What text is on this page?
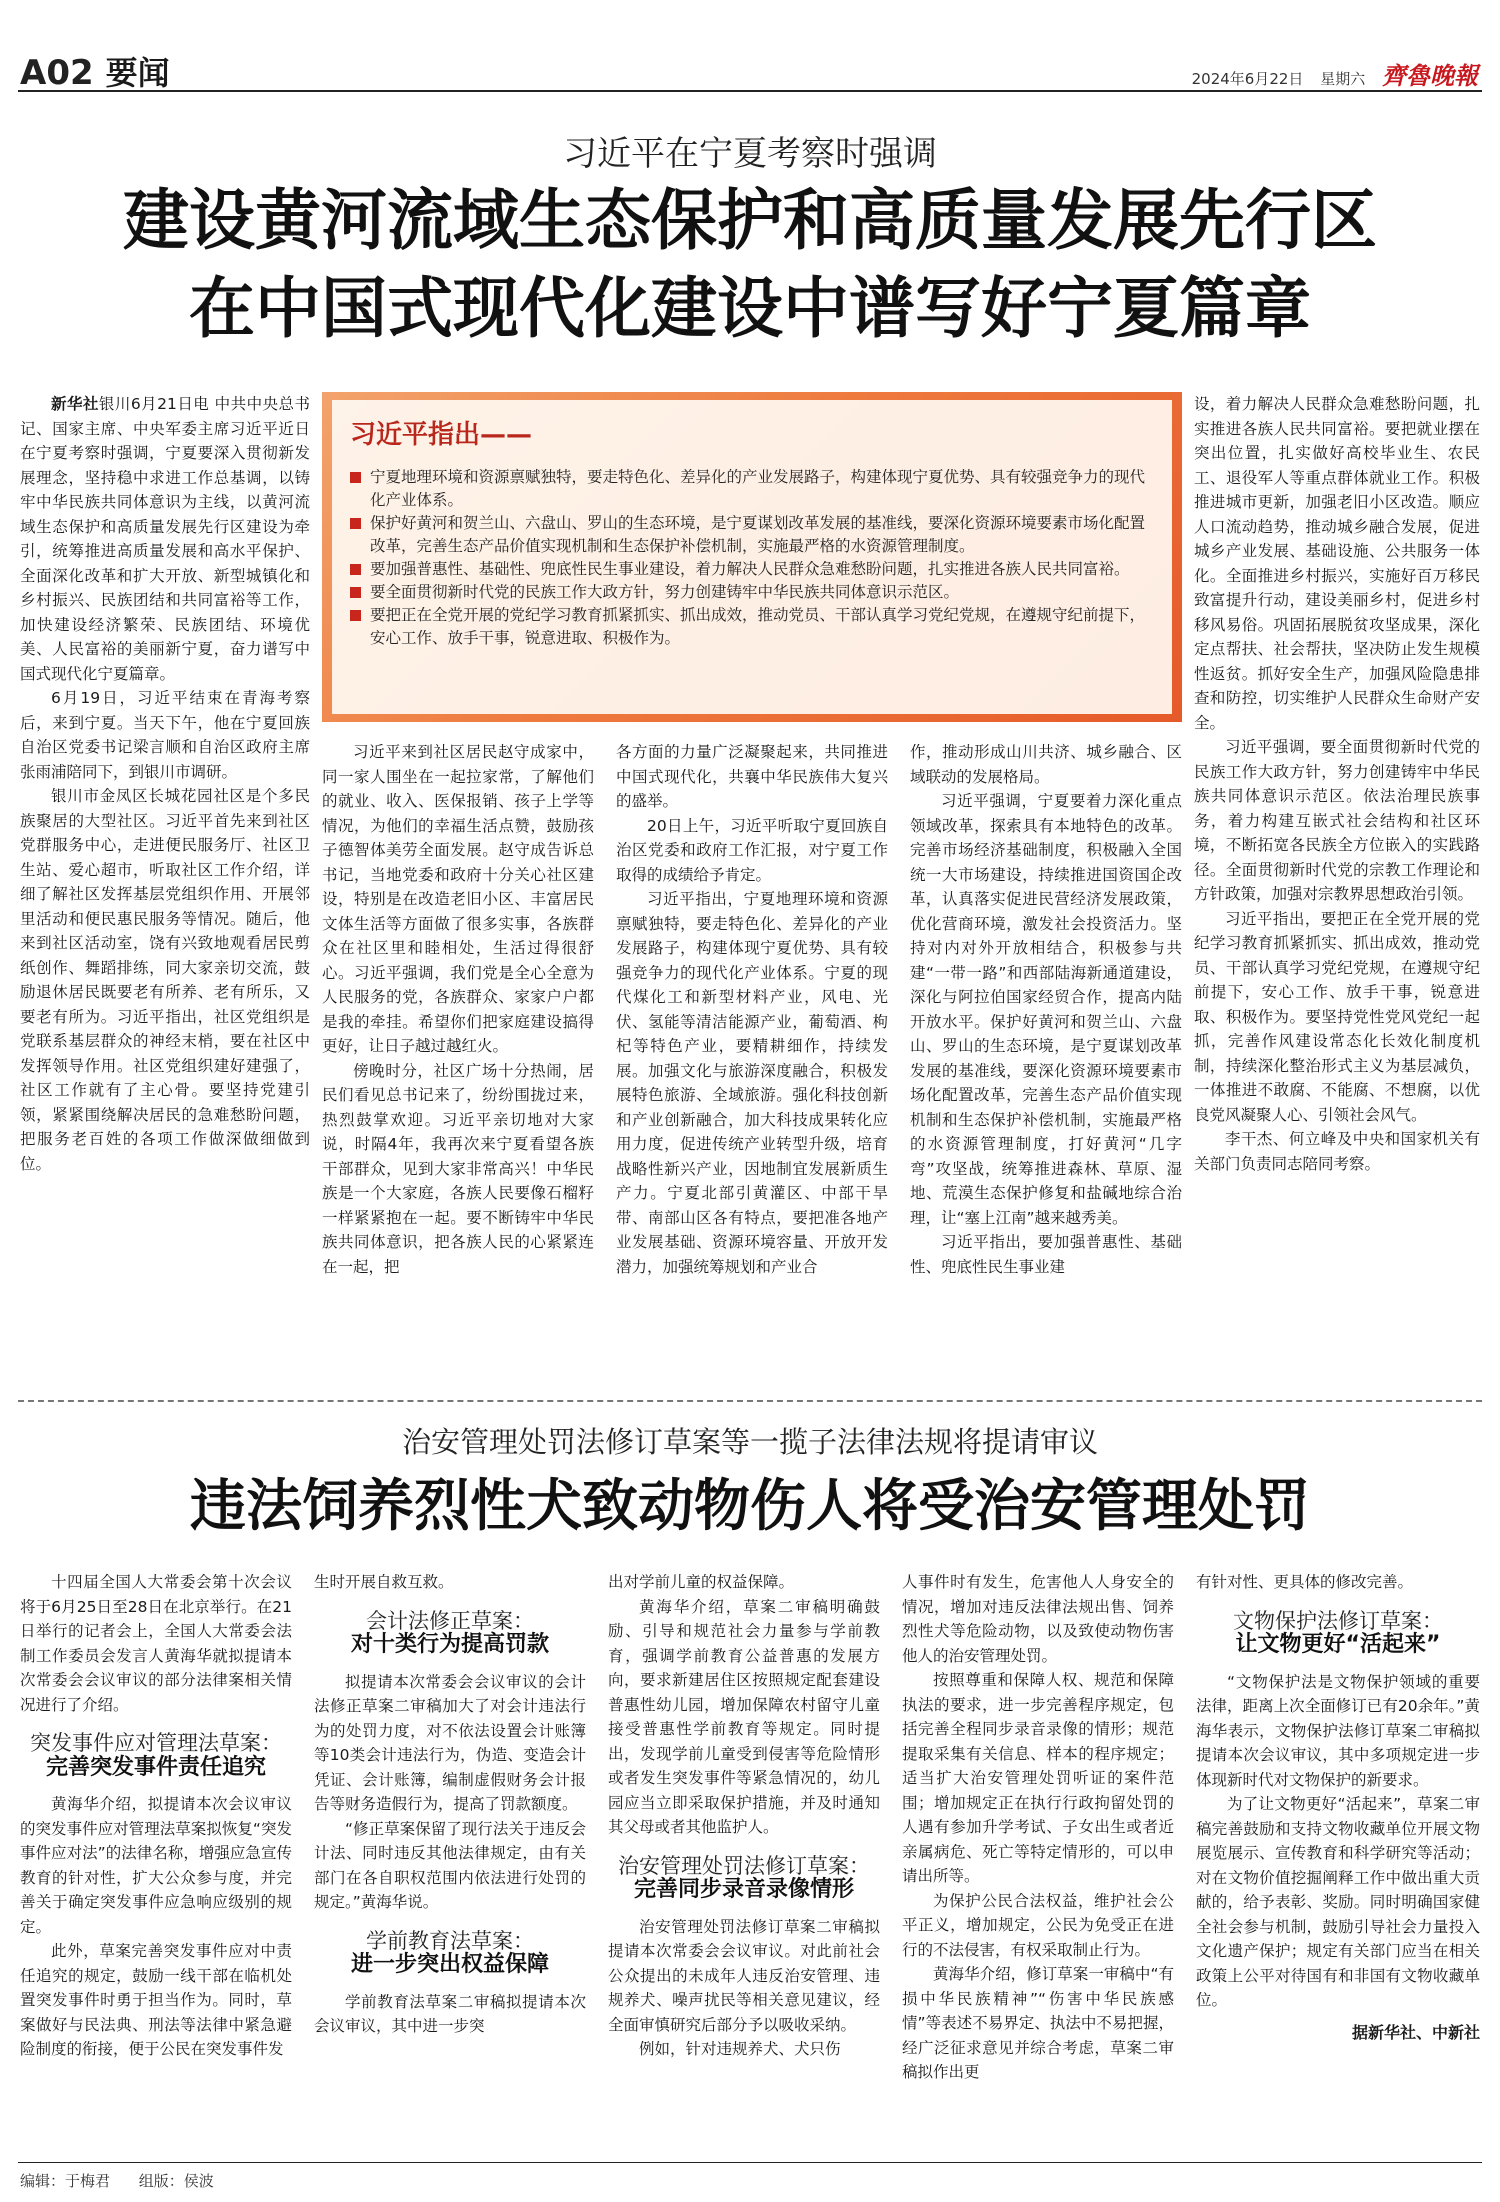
A02 要闻	2024年6月22日 星期六 齊魯晚報
习近平在宁夏考察时强调
建设黄河流域生态保护和高质量发展先行区
在中国式现代化建设中谱写好宁夏篇章

新华社银川6月21日电 中共中央总书记、国家主席、中央军委主席习近平近日在宁夏考察时强调，宁夏要深入贯彻新发展理念，坚持稳中求进工作总基调，以铸牢中华民族共同体意识为主线，以黄河流域生态保护和高质量发展先行区建设为牵引，统筹推进高质量发展和高水平保护、全面深化改革和扩大开放、新型城镇化和乡村振兴、民族团结和共同富裕等工作，加快建设经济繁荣、民族团结、环境优美、人民富裕的美丽新宁夏，奋力谱写中国式现代化宁夏篇章。

6月19日，习近平结束在青海考察后，来到宁夏。当天下午，他在宁夏回族自治区党委书记梁言顺和自治区政府主席张雨浦陪同下，到银川市调研。

银川市金凤区长城花园社区是个多民族聚居的大型社区。习近平首先来到社区党群服务中心，走进便民服务厅、社区卫生站、爱心超市，听取社区工作介绍，详细了解社区发挥基层党组织作用、开展邻里活动和便民惠民服务等情况。随后，他来到社区活动室，饶有兴致地观看居民剪纸创作、舞蹈排练，同大家亲切交流，鼓励退休居民既要老有所养、老有所乐，又要老有所为。习近平指出，社区党组织是党联系基层群众的神经末梢，要在社区中发挥领导作用。社区党组织建好建强了，社区工作就有了主心骨。要坚持党建引领，紧紧围绕解决居民的急难愁盼问题，把服务老百姓的各项工作做深做细做到位。

习近平指出——
宁夏地理环境和资源禀赋独特，要走特色化、差异化的产业发展路子，构建体现宁夏优势、具有较强竞争力的现代化产业体系。
保护好黄河和贺兰山、六盘山、罗山的生态环境，是宁夏谋划改革发展的基准线，要深化资源环境要素市场化配置改革，完善生态产品价值实现机制和生态保护补偿机制，实施最严格的水资源管理制度。
要加强普惠性、基础性、兜底性民生事业建设，着力解决人民群众急难愁盼问题，扎实推进各族人民共同富裕。
要全面贯彻新时代党的民族工作大政方针，努力创建铸牢中华民族共同体意识示范区。
要把正在全党开展的党纪学习教育抓紧抓实、抓出成效，推动党员、干部认真学习党纪党规，在遵规守纪前提下，安心工作、放手干事，锐意进取、积极作为。

习近平来到社区居民赵守成家中，同一家人围坐在一起拉家常，了解他们的就业、收入、医保报销、孩子上学等情况，为他们的幸福生活点赞，鼓励孩子德智体美劳全面发展。赵守成告诉总书记，当地党委和政府十分关心社区建设，特别是在改造老旧小区、丰富居民文体生活等方面做了很多实事，各族群众在社区里和睦相处，生活过得很舒心。习近平强调，我们党是全心全意为人民服务的党，各族群众、家家户户都是我的牵挂。希望你们把家庭建设搞得更好，让日子越过越红火。

傍晚时分，社区广场十分热闹，居民们看见总书记来了，纷纷围拢过来，热烈鼓掌欢迎。习近平亲切地对大家说，时隔4年，我再次来宁夏看望各族干部群众，见到大家非常高兴！中华民族是一个大家庭，各族人民要像石榴籽一样紧紧抱在一起。要不断铸牢中华民族共同体意识，把各族人民的心紧紧连在一起，把

各方面的力量广泛凝聚起来，共同推进中国式现代化，共襄中华民族伟大复兴的盛举。

20日上午，习近平听取宁夏回族自治区党委和政府工作汇报，对宁夏工作取得的成绩给予肯定。

习近平指出，宁夏地理环境和资源禀赋独特，要走特色化、差异化的产业发展路子，构建体现宁夏优势、具有较强竞争力的现代化产业体系。宁夏的现代煤化工和新型材料产业，风电、光伏、氢能等清洁能源产业，葡萄酒、枸杞等特色产业，要精耕细作，持续发展。加强文化与旅游深度融合，积极发展特色旅游、全域旅游。强化科技创新和产业创新融合，加大科技成果转化应用力度，促进传统产业转型升级，培育战略性新兴产业，因地制宜发展新质生产力。宁夏北部引黄灌区、中部干旱带、南部山区各有特点，要把准各地产业发展基础、资源环境容量、开放开发潜力，加强统筹规划和产业合

作，推动形成山川共济、城乡融合、区域联动的发展格局。

习近平强调，宁夏要着力深化重点领域改革，探索具有本地特色的改革。完善市场经济基础制度，积极融入全国统一大市场建设，持续推进国资国企改革，认真落实促进民营经济发展政策，优化营商环境，激发社会投资活力。坚持对内对外开放相结合，积极参与共建“一带一路”和西部陆海新通道建设，深化与阿拉伯国家经贸合作，提高内陆开放水平。保护好黄河和贺兰山、六盘山、罗山的生态环境，是宁夏谋划改革发展的基准线，要深化资源环境要素市场化配置改革，完善生态产品价值实现机制和生态保护补偿机制，实施最严格的水资源管理制度，打好黄河“几字弯”攻坚战，统筹推进森林、草原、湿地、荒漠生态保护修复和盐碱地综合治理，让“塞上江南”越来越秀美。

习近平指出，要加强普惠性、基础性、兜底性民生事业建

设，着力解决人民群众急难愁盼问题，扎实推进各族人民共同富裕。要把就业摆在突出位置，扎实做好高校毕业生、农民工、退役军人等重点群体就业工作。积极推进城市更新，加强老旧小区改造。顺应人口流动趋势，推动城乡融合发展，促进城乡产业发展、基础设施、公共服务一体化。全面推进乡村振兴，实施好百万移民致富提升行动，建设美丽乡村，促进乡村移风易俗。巩固拓展脱贫攻坚成果，深化定点帮扶、社会帮扶，坚决防止发生规模性返贫。抓好安全生产，加强风险隐患排查和防控，切实维护人民群众生命财产安全。

习近平强调，要全面贯彻新时代党的民族工作大政方针，努力创建铸牢中华民族共同体意识示范区。依法治理民族事务，着力构建互嵌式社会结构和社区环境，不断拓宽各民族全方位嵌入的实践路径。全面贯彻新时代党的宗教工作理论和方针政策，加强对宗教界思想政治引领。

习近平指出，要把正在全党开展的党纪学习教育抓紧抓实、抓出成效，推动党员、干部认真学习党纪党规，在遵规守纪前提下，安心工作、放手干事，锐意进取、积极作为。要坚持党性党风党纪一起抓，完善作风建设常态化长效化制度机制，持续深化整治形式主义为基层减负，一体推进不敢腐、不能腐、不想腐，以优良党风凝聚人心、引领社会风气。

李干杰、何立峰及中央和国家机关有关部门负责同志陪同考察。

治安管理处罚法修订草案等一揽子法律法规将提请审议
违法饲养烈性犬致动物伤人将受治安管理处罚

十四届全国人大常委会第十次会议将于6月25日至28日在北京举行。在21日举行的记者会上，全国人大常委会法制工作委员会发言人黄海华就拟提请本次常委会会议审议的部分法律案相关情况进行了介绍。

突发事件应对管理法草案：
完善突发事件责任追究

黄海华介绍，拟提请本次会议审议的突发事件应对管理法草案拟恢复“突发事件应对法”的法律名称，增强应急宣传教育的针对性，扩大公众参与度，并完善关于确定突发事件应急响应级别的规定。

此外，草案完善突发事件应对中责任追究的规定，鼓励一线干部在临机处置突发事件时勇于担当作为。同时，草案做好与民法典、刑法等法律中紧急避险制度的衔接，便于公民在突发事件发

生时开展自救互救。

会计法修正草案：
对十类行为提高罚款

拟提请本次常委会会议审议的会计法修正草案二审稿加大了对会计违法行为的处罚力度，对不依法设置会计账簿等10类会计违法行为，伪造、变造会计凭证、会计账簿，编制虚假财务会计报告等财务造假行为，提高了罚款额度。

“修正草案保留了现行法关于违反会计法、同时违反其他法律规定，由有关部门在各自职权范围内依法进行处罚的规定。”黄海华说。

学前教育法草案：
进一步突出权益保障

学前教育法草案二审稿拟提请本次会议审议，其中进一步突

出对学前儿童的权益保障。

黄海华介绍，草案二审稿明确鼓励、引导和规范社会力量参与学前教育，强调学前教育公益普惠的发展方向，要求新建居住区按照规定配套建设普惠性幼儿园，增加保障农村留守儿童接受普惠性学前教育等规定。同时提出，发现学前儿童受到侵害等危险情形或者发生突发事件等紧急情况的，幼儿园应当立即采取保护措施，并及时通知其父母或者其他监护人。

治安管理处罚法修订草案：
完善同步录音录像情形

治安管理处罚法修订草案二审稿拟提请本次常委会会议审议。对此前社会公众提出的未成年人违反治安管理、违规养犬、噪声扰民等相关意见建议，经全面审慎研究后部分予以吸收采纳。

例如，针对违规养犬、犬只伤

人事件时有发生，危害他人人身安全的情况，增加对违反法律法规出售、饲养烈性犬等危险动物，以及致使动物伤害他人的治安管理处罚。

按照尊重和保障人权、规范和保障执法的要求，进一步完善程序规定，包括完善全程同步录音录像的情形；规范提取采集有关信息、样本的程序规定；适当扩大治安管理处罚听证的案件范围；增加规定正在执行行政拘留处罚的人遇有参加升学考试、子女出生或者近亲属病危、死亡等特定情形的，可以申请出所等。

为保护公民合法权益，维护社会公平正义，增加规定，公民为免受正在进行的不法侵害，有权采取制止行为。

黄海华介绍，修订草案一审稿中“有损中华民族精神”“伤害中华民族感情”等表述不易界定、执法中不易把握，经广泛征求意见并综合考虑，草案二审稿拟作出更

有针对性、更具体的修改完善。

文物保护法修订草案：
让文物更好“活起来”

“文物保护法是文物保护领域的重要法律，距离上次全面修订已有20余年。”黄海华表示，文物保护法修订草案二审稿拟提请本次会议审议，其中多项规定进一步体现新时代对文物保护的新要求。

为了让文物更好“活起来”，草案二审稿完善鼓励和支持文物收藏单位开展文物展览展示、宣传教育和科学研究等活动；对在文物价值挖掘阐释工作中做出重大贡献的，给予表彰、奖励。同时明确国家健全社会参与机制，鼓励引导社会力量投入文化遗产保护；规定有关部门应当在相关政策上公平对待国有和非国有文物收藏单位。

据新华社、中新社
编辑：于梅君 组版：侯波
